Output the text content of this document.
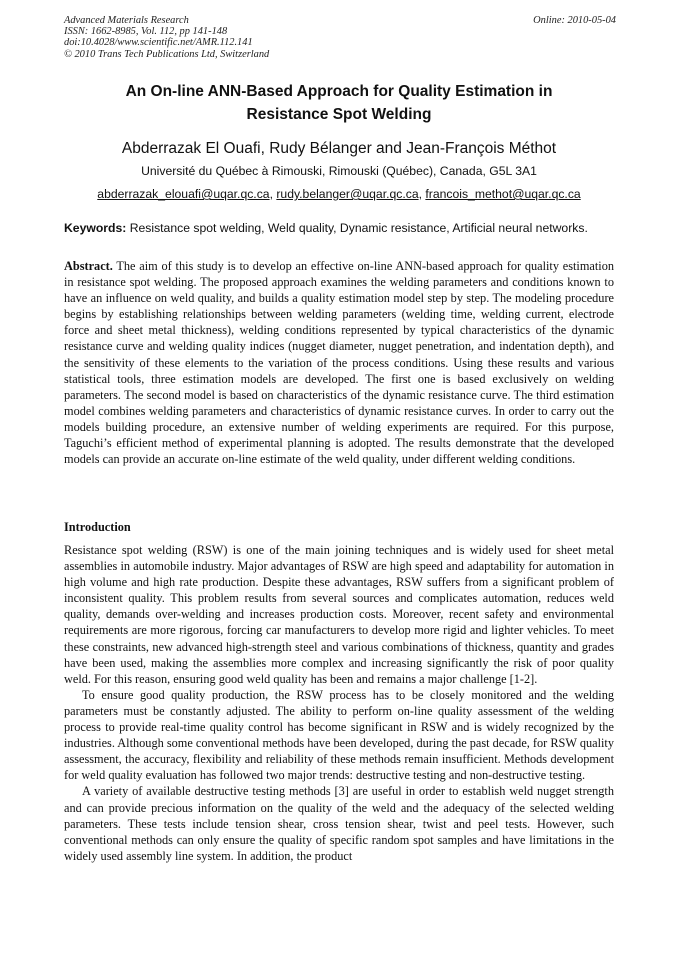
Advanced Materials Research
ISSN: 1662-8985, Vol. 112, pp 141-148
doi:10.4028/www.scientific.net/AMR.112.141
© 2010 Trans Tech Publications Ltd, Switzerland
Online: 2010-05-04
An On-line ANN-Based Approach for Quality Estimation in
Resistance Spot Welding
Abderrazak El Ouafi, Rudy Bélanger and Jean-François Méthot
Université du Québec à Rimouski, Rimouski (Québec), Canada, G5L 3A1
abderrazak_elouafi@uqar.qc.ca, rudy.belanger@uqar.qc.ca, francois_methot@uqar.qc.ca
Keywords: Resistance spot welding, Weld quality, Dynamic resistance, Artificial neural networks.

Abstract. The aim of this study is to develop an effective on-line ANN-based approach for quality estimation in resistance spot welding. The proposed approach examines the welding parameters and conditions known to have an influence on weld quality, and builds a quality estimation model step by step. The modeling procedure begins by establishing relationships between welding parameters (welding time, welding current, electrode force and sheet metal thickness), welding conditions represented by typical characteristics of the dynamic resistance curve and welding quality indices (nugget diameter, nugget penetration, and indentation depth), and the sensitivity of these elements to the variation of the process conditions. Using these results and various statistical tools, three estimation models are developed. The first one is based exclusively on welding parameters. The second model is based on characteristics of the dynamic resistance curve. The third estimation model combines welding parameters and characteristics of dynamic resistance curves. In order to carry out the models building procedure, an extensive number of welding experiments are required. For this purpose, Taguchi’s efficient method of experimental planning is adopted. The results demonstrate that the developed models can provide an accurate on-line estimate of the weld quality, under different welding conditions.

Introduction

Resistance spot welding (RSW) is one of the main joining techniques and is widely used for sheet metal assemblies in automobile industry. Major advantages of RSW are high speed and adaptability for automation in high volume and high rate production. Despite these advantages, RSW suffers from a significant problem of inconsistent quality. This problem results from several sources and complicates automation, reduces weld quality, demands over-welding and increases production costs. Moreover, recent safety and environmental requirements are more rigorous, forcing car manufacturers to develop more rigid and lighter vehicles. To meet these constraints, new advanced high-strength steel and various combinations of thickness, quantity and grades have been used, making the assemblies more complex and increasing significantly the risk of poor quality weld. For this reason, ensuring good weld quality has been and remains a major challenge [1-2].

To ensure good quality production, the RSW process has to be closely monitored and the welding parameters must be constantly adjusted. The ability to perform on-line quality assessment of the welding process to provide real-time quality control has become significant in RSW and is widely recognized by the industries. Although some conventional methods have been developed, during the past decade, for RSW quality assessment, the accuracy, flexibility and reliability of these methods remain insufficient. Methods development for weld quality evaluation has followed two major trends: destructive testing and non-destructive testing.

A variety of available destructive testing methods [3] are useful in order to establish weld nugget strength and can provide precious information on the quality of the weld and the adequacy of the selected welding parameters. These tests include tension shear, cross tension shear, twist and peel tests. However, such conventional methods can only ensure the quality of specific random spot samples and have limitations in the widely used assembly line system. In addition, the product
